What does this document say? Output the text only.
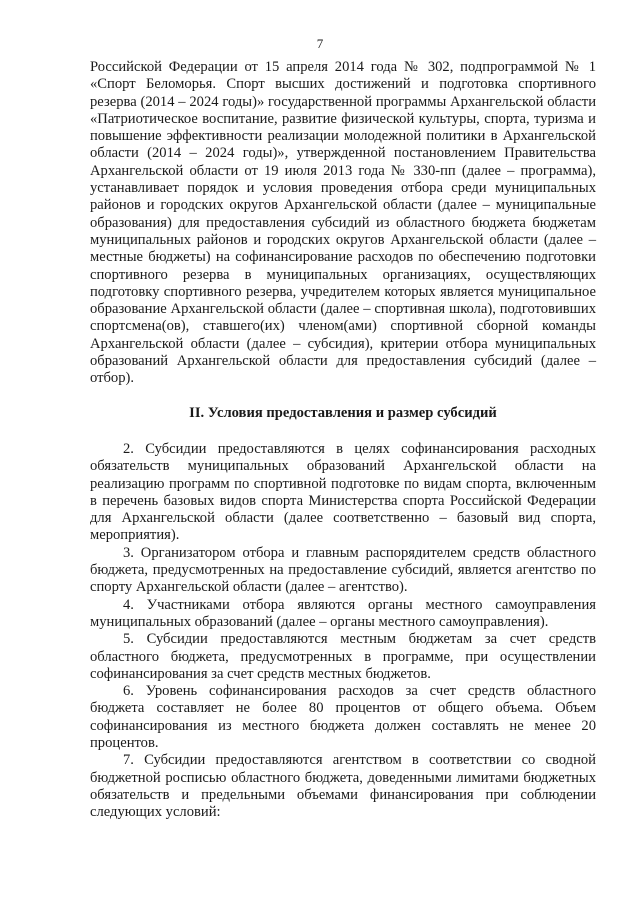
7

Российской Федерации от 15 апреля 2014 года № 302, подпрограммой № 1 «Спорт Беломорья. Спорт высших достижений и подготовка спортивного резерва (2014 – 2024 годы)» государственной программы Архангельской области «Патриотическое воспитание, развитие физической культуры, спорта, туризма и повышение эффективности реализации молодежной политики в Архангельской области (2014 – 2024 годы)», утвержденной постановлением Правительства Архангельской области от 19 июля 2013 года № 330-пп (далее – программа), устанавливает порядок и условия проведения отбора среди муниципальных районов и городских округов Архангельской области (далее – муниципальные образования) для предоставления субсидий из областного бюджета бюджетам муниципальных районов и городских округов Архангельской области (далее – местные бюджеты) на софинансирование расходов по обеспечению подготовки спортивного резерва в муниципальных организациях, осуществляющих подготовку спортивного резерва, учредителем которых является муниципальное образование Архангельской области (далее – спортивная школа), подготовивших спортсмена(ов), ставшего(их) членом(ами) спортивной сборной команды Архангельской области (далее – субсидия), критерии отбора муниципальных образований Архангельской области для предоставления субсидий (далее – отбор).

II. Условия предоставления и размер субсидий

2. Субсидии предоставляются в целях софинансирования расходных обязательств муниципальных образований Архангельской области на реализацию программ по спортивной подготовке по видам спорта, включенным в перечень базовых видов спорта Министерства спорта Российской Федерации для Архангельской области (далее соответственно – базовый вид спорта, мероприятия).

3. Организатором отбора и главным распорядителем средств областного бюджета, предусмотренных на предоставление субсидий, является агентство по спорту Архангельской области (далее – агентство).

4. Участниками отбора являются органы местного самоуправления муниципальных образований (далее – органы местного самоуправления).

5. Субсидии предоставляются местным бюджетам за счет средств областного бюджета, предусмотренных в программе, при осуществлении софинансирования за счет средств местных бюджетов.

6. Уровень софинансирования расходов за счет средств областного бюджета составляет не более 80 процентов от общего объема. Объем софинансирования из местного бюджета должен составлять не менее 20 процентов.

7. Субсидии предоставляются агентством в соответствии со сводной бюджетной росписью областного бюджета, доведенными лимитами бюджетных обязательств и предельными объемами финансирования при соблюдении следующих условий:
